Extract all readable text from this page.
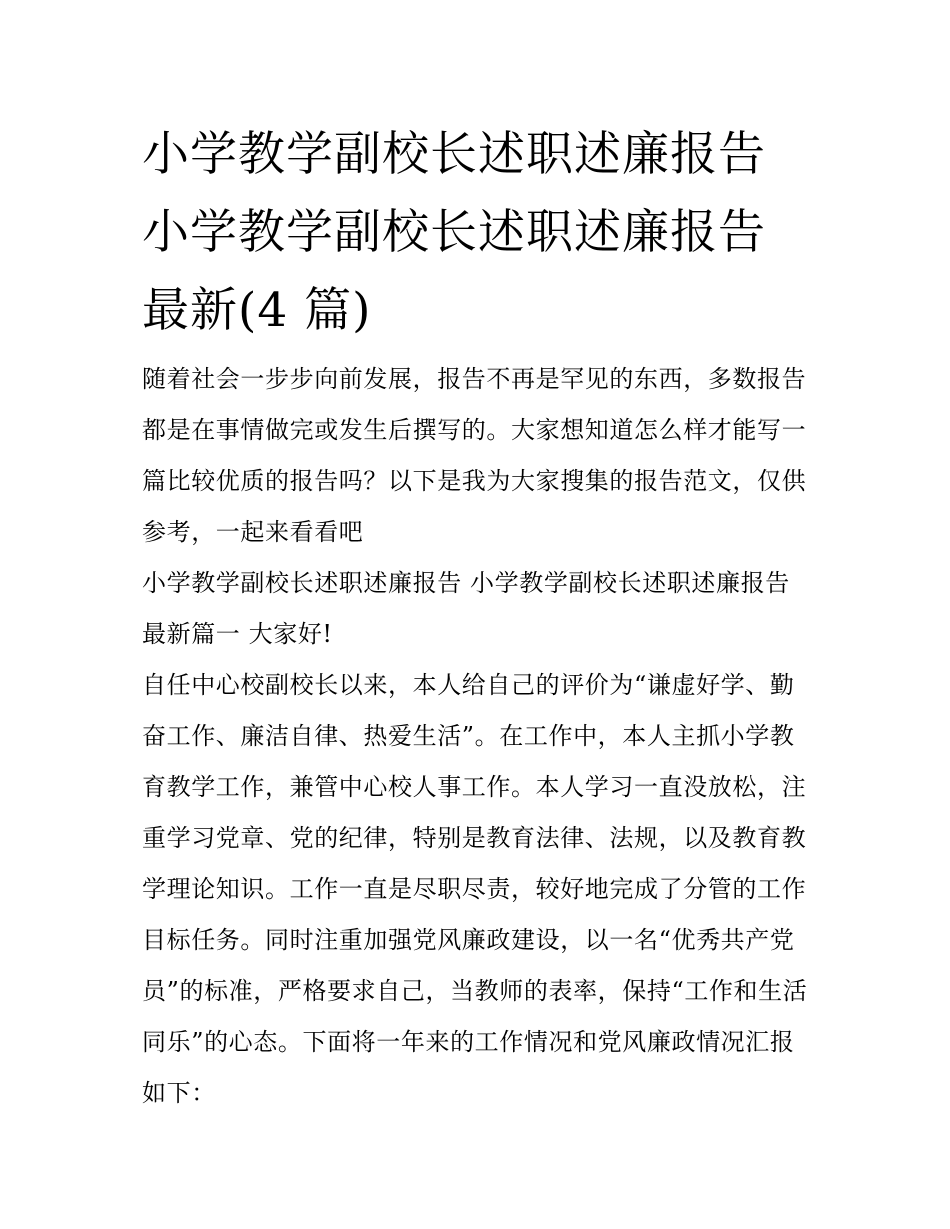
小学教学副校长述职述廉报告
小学教学副校长述职述廉报告
最新(4 篇)

随着社会一步步向前发展，报告不再是罕见的东西，多数报告
都是在事情做完或发生后撰写的。大家想知道怎么样才能写一
篇比较优质的报告吗？以下是我为大家搜集的报告范文，仅供
参考，一起来看看吧

小学教学副校长述职述廉报告 小学教学副校长述职述廉报告
最新篇一 大家好!

自任中心校副校长以来，本人给自己的评价为“谦虚好学、勤
奋工作、廉洁自律、热爱生活”。在工作中，本人主抓小学教
育教学工作，兼管中心校人事工作。本人学习一直没放松，注
重学习党章、党的纪律，特别是教育法律、法规，以及教育教
学理论知识。工作一直是尽职尽责，较好地完成了分管的工作
目标任务。同时注重加强党风廉政建设，以一名“优秀共产党
员”的标准，严格要求自己，当教师的表率，保持“工作和生活
同乐”的心态。下面将一年来的工作情况和党风廉政情况汇报
如下：
